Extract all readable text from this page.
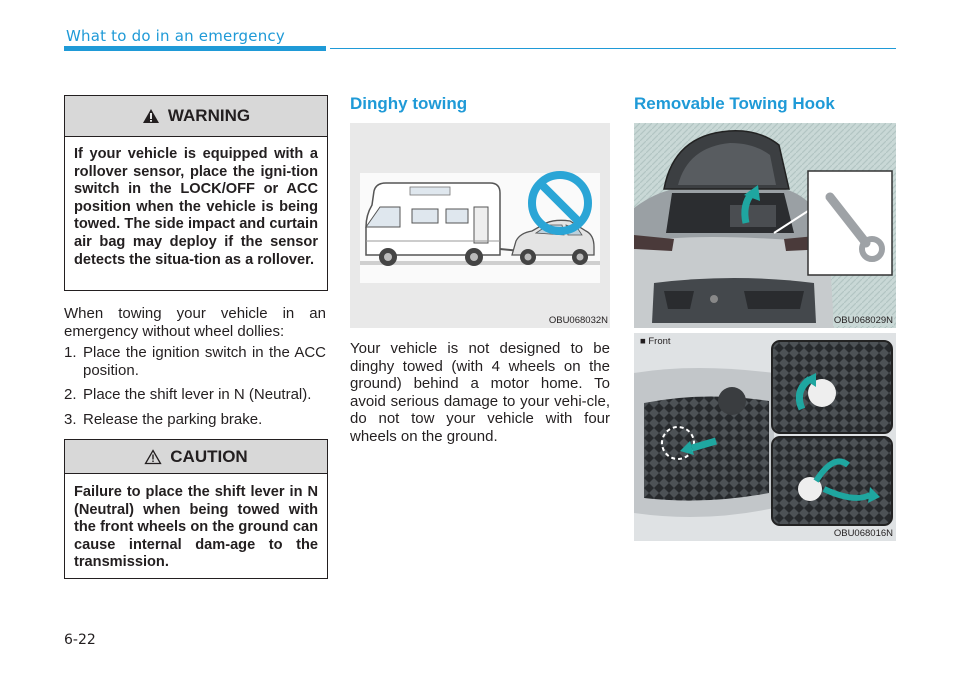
What to do in an emergency
WARNING
If your vehicle is equipped with a rollover sensor, place the igni-tion switch in the LOCK/OFF or ACC position when the vehicle is being towed. The side impact and curtain air bag may deploy if the sensor detects the situa-tion as a rollover.
When towing your vehicle in an emergency without wheel dollies:
1. Place the ignition switch in the ACC position.
2. Place the shift lever in N (Neutral).
3. Release the parking brake.
CAUTION
Failure to place the shift lever in N (Neutral) when being towed with the front wheels on the ground can cause internal dam-age to the transmission.
Dinghy towing
OBU068032N
Your vehicle is not designed to be dinghy towed (with 4 wheels on the ground) behind a motor home. To avoid serious damage to your vehi-cle, do not tow your vehicle with four wheels on the ground.
Removable Towing Hook
OBU068029N
■ Front
OBU068016N
6-22
